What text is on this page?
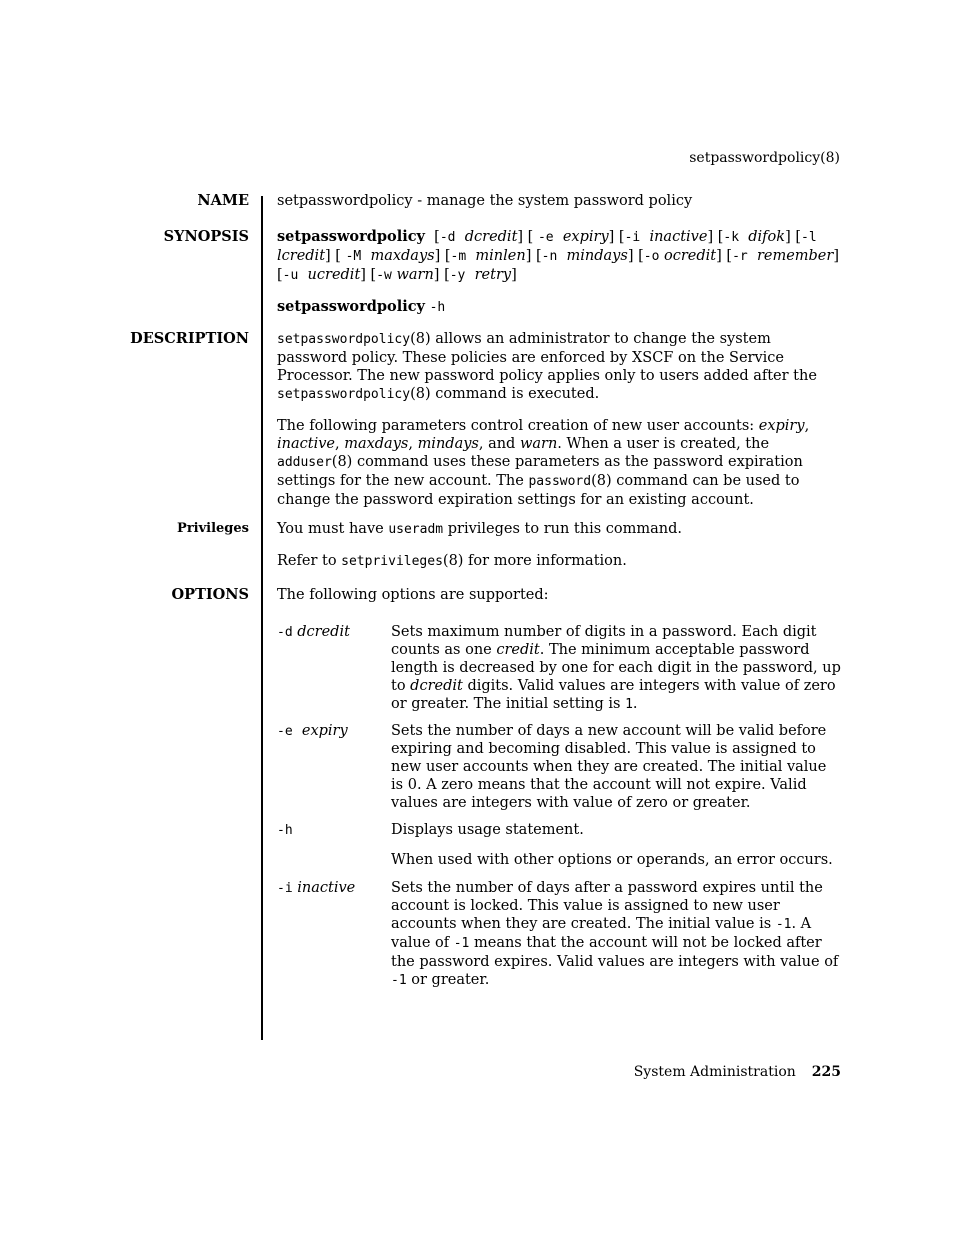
setpasswordpolicy(8)
NAME setpasswordpolicy - manage the system password policy
SYNOPSIS setpasswordpolicy  [-d dcredit] [ -e expiry] [-i inactive] [-k difok] [-l  lcredit] [ -M maxdays] [-m minlen] [-n mindays] [-o ocredit] [-r remember] [-u ucredit] [-w warn] [-y retry]

setpasswordpolicy -h

DESCRIPTION setpasswordpolicy(8) allows an administrator to change the system password policy. These policies are enforced by XSCF on the Service Processor. The new password policy applies only to users added after the setpasswordpolicy(8) command is executed.

The following parameters control creation of new user accounts: expiry, inactive, maxdays, mindays, and warn. When a user is created, the adduser(8) command uses these parameters as the password expiration settings for the new account. The password(8) command can be used to change the password expiration settings for an existing account.

Privileges You must have useradm privileges to run this command.

Refer to setprivileges(8) for more information.

OPTIONS The following options are supported:
-d dcredit	Sets maximum number of digits in a password. Each digit counts as one credit. The minimum acceptable password length is decreased by one for each digit in the password, up to dcredit digits. Valid values are integers with value of zero or greater. The initial setting is 1.

-e expiry	Sets the number of days a new account will be valid before expiring and becoming disabled. This value is assigned to new user accounts when they are created. The initial value is 0. A zero means that the account will not expire. Valid values are integers with value of zero or greater.

-h	Displays usage statement.

When used with other options or operands, an error occurs.

-i inactive Sets the number of days after a password expires until the account is locked. This value is assigned to new user accounts when they are created. The initial value is -1. A value of -1 means that the account will not be locked after the password expires. Valid values are integers with value of -1 or greater.

System Administration 225
